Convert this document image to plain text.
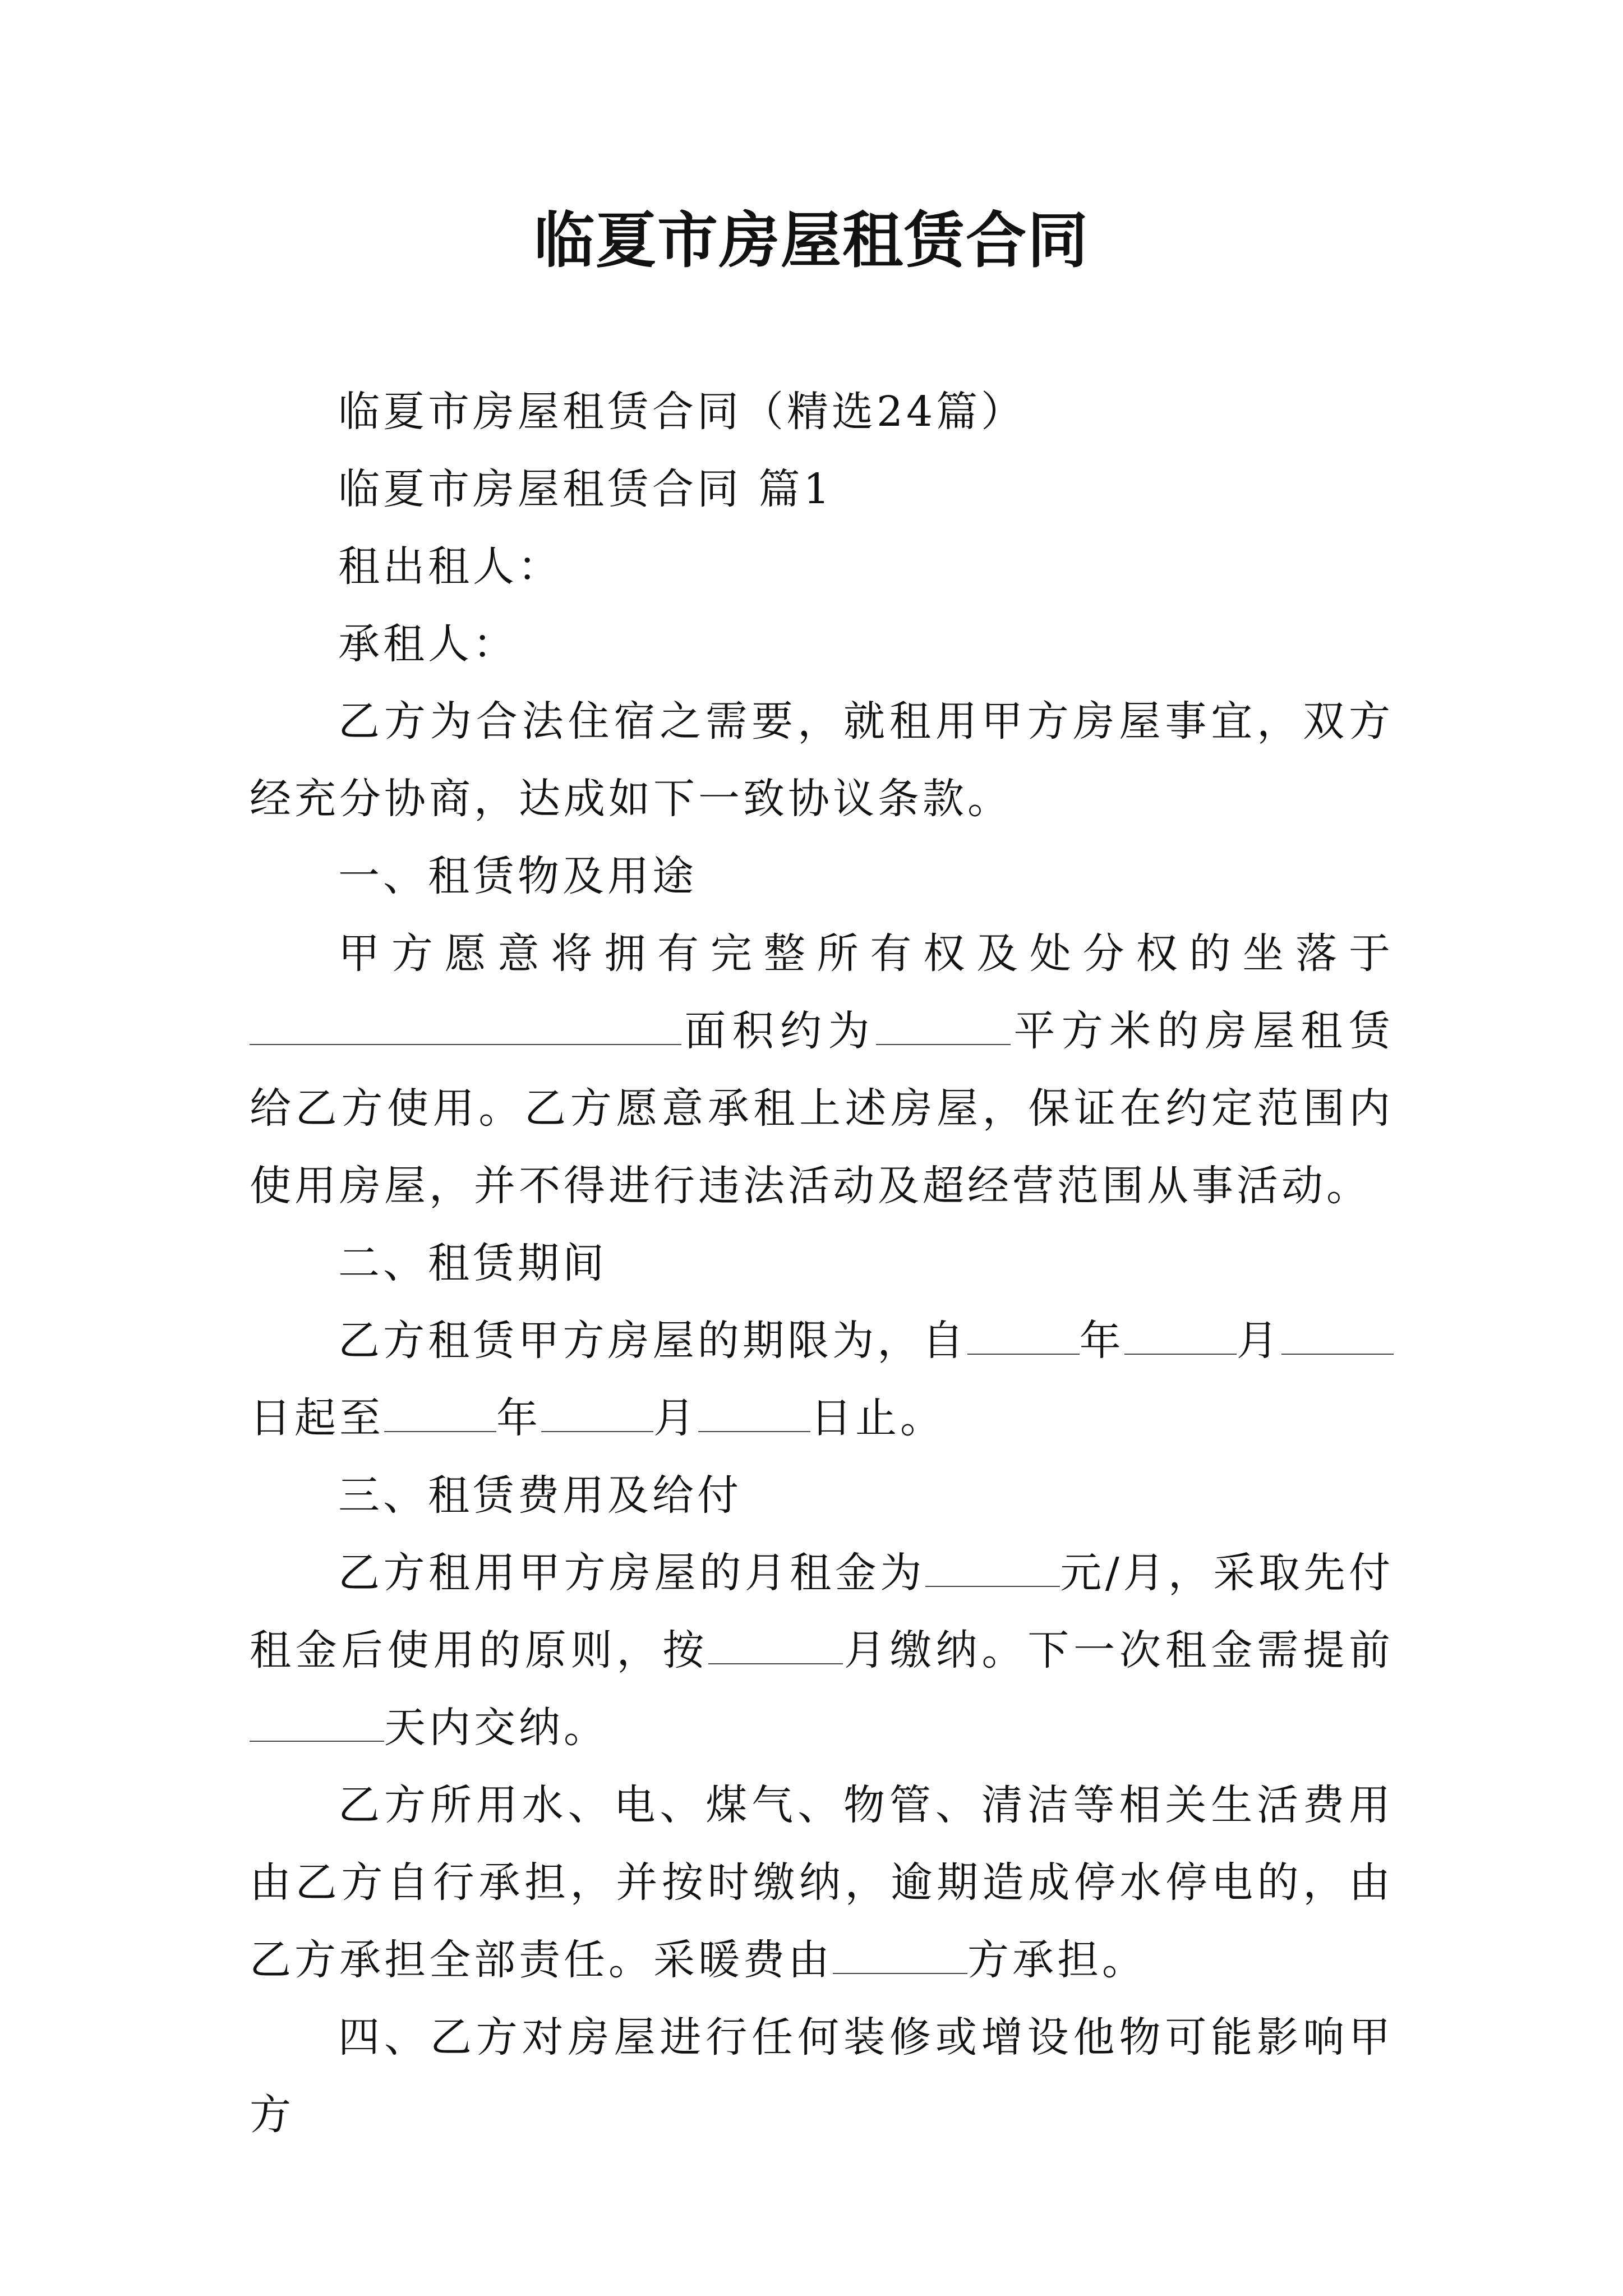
临夏市房屋租赁合同

临夏市房屋租赁合同（精选24篇）

临夏市房屋租赁合同 篇1

租出租人：

承租人：

乙方为合法住宿之需要，就租用甲方房屋事宜，双方经充分协商，达成如下一致协议条款。

一、租赁物及用途

甲方愿意将拥有完整所有权及处分权的坐落于面积约为	平方米的房屋租赁给乙方使用。乙方愿意承租上述房屋，保证在约定范围内使用房屋，并不得进行违法活动及超经营范围从事活动。

二、租赁期间

乙方租赁甲方房屋的期限为，自	年	月日起至	年	月	日止。

三、租赁费用及给付

乙方租用甲方房屋的月租金为	元/月，采取先付租金后使用的原则，按	月缴纳。下一次租金需提前天内交纳。

乙方所用水、电、煤气、物管、清洁等相关生活费用由乙方自行承担，并按时缴纳，逾期造成停水停电的，由乙方承担全部责任。采暖费由	方承担。

四、乙方对房屋进行任何装修或增设他物可能影响甲方
